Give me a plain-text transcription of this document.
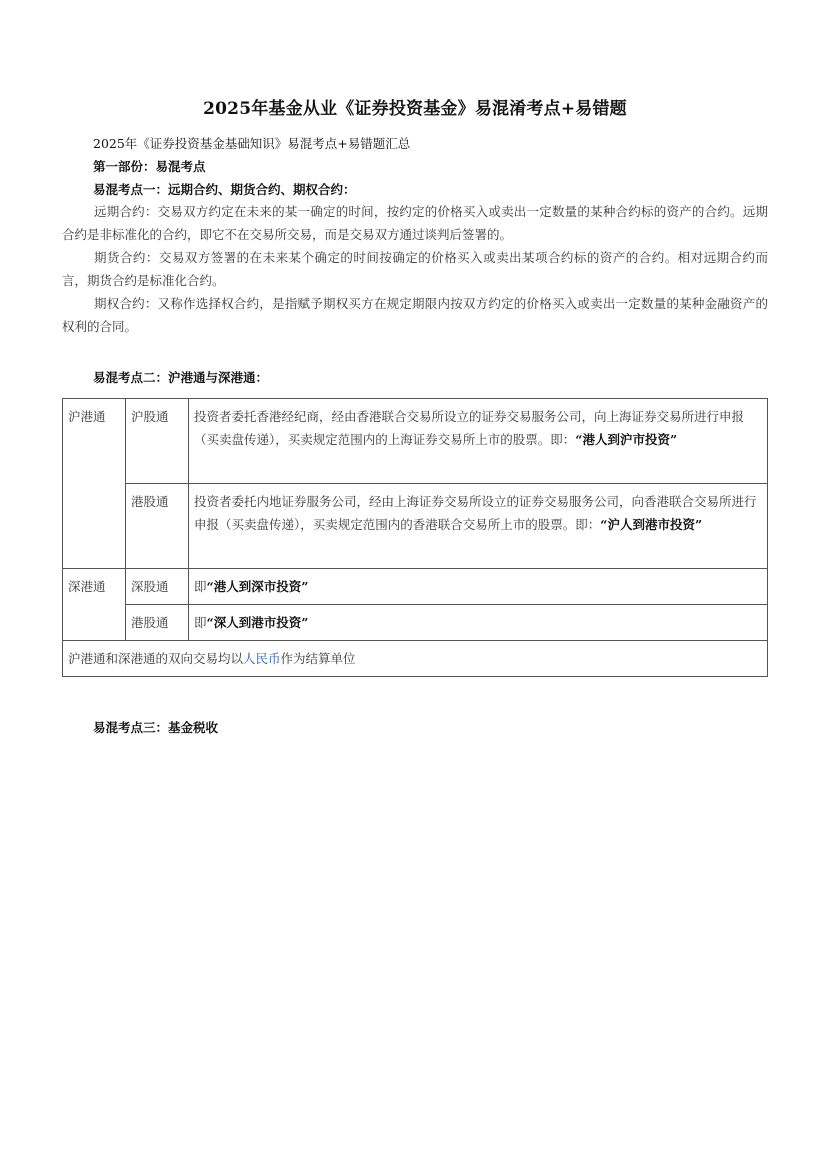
2025年基金从业《证券投资基金》易混淆考点+易错题
2025年《证券投资基金基础知识》易混考点+易错题汇总
第一部份：易混考点
易混考点一：远期合约、期货合约、期权合约：
远期合约：交易双方约定在未来的某一确定的时间，按约定的价格买入或卖出一定数量的某种合约标的资产的合约。远期合约是非标准化的合约，即它不在交易所交易，而是交易双方通过谈判后签署的。
期货合约：交易双方签署的在未来某个确定的时间按确定的价格买入或卖出某项合约标的资产的合约。相对远期合约而言，期货合约是标准化合约。
期权合约：又称作选择权合约，是指赋予期权买方在规定期限内按双方约定的价格买入或卖出一定数量的某种金融资产的权利的合同。
易混考点二：沪港通与深港通：
沪港通	沪股通	投资者委托香港经纪商，经由香港联合交易所设立的证券交易服务公司，向上海证券交易所进行申报（买卖盘传递），买卖规定范围内的上海证券交易所上市的股票。即：“港人到沪市投资”
	港股通	投资者委托内地证券服务公司，经由上海证券交易所设立的证券交易服务公司，向香港联合交易所进行申报（买卖盘传递），买卖规定范围内的香港联合交易所上市的股票。即：“沪人到港市投资”
深港通	深股通	即“港人到深市投资”
	港股通	即“深人到港市投资”
沪港通和深港通的双向交易均以人民币作为结算单位		
易混考点三：基金税收
